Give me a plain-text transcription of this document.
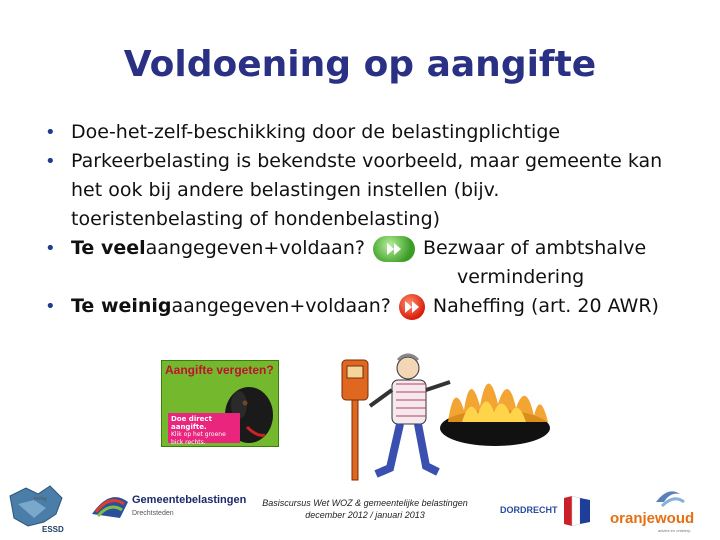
Voldoening op aangifte
• Doe-het-zelf-beschikking door de belastingplichtige
• Parkeerbelasting is bekendste voorbeeld, maar gemeente kan
het ook bij andere belastingen instellen (bijv.
toeristenbelasting of hondenbelasting)
• Te veel aangegeven+voldaan?	Bezwaar of ambtshalve
vermindering
• Te weinig aangegeven+voldaan? Naheffing (art. 20 AWR)
Aangifte vergeten?
Doe direct aangifte.
Klik op het groene bick rechts.
Basiscursus Wet WOZ & gemeentelijke belastingen
december 2012 / januari 2013
ESSD
kring	Gemeentebelastingen
Drechtsteden	DORDRECHT	oranjewoud
advies en ontwerp
